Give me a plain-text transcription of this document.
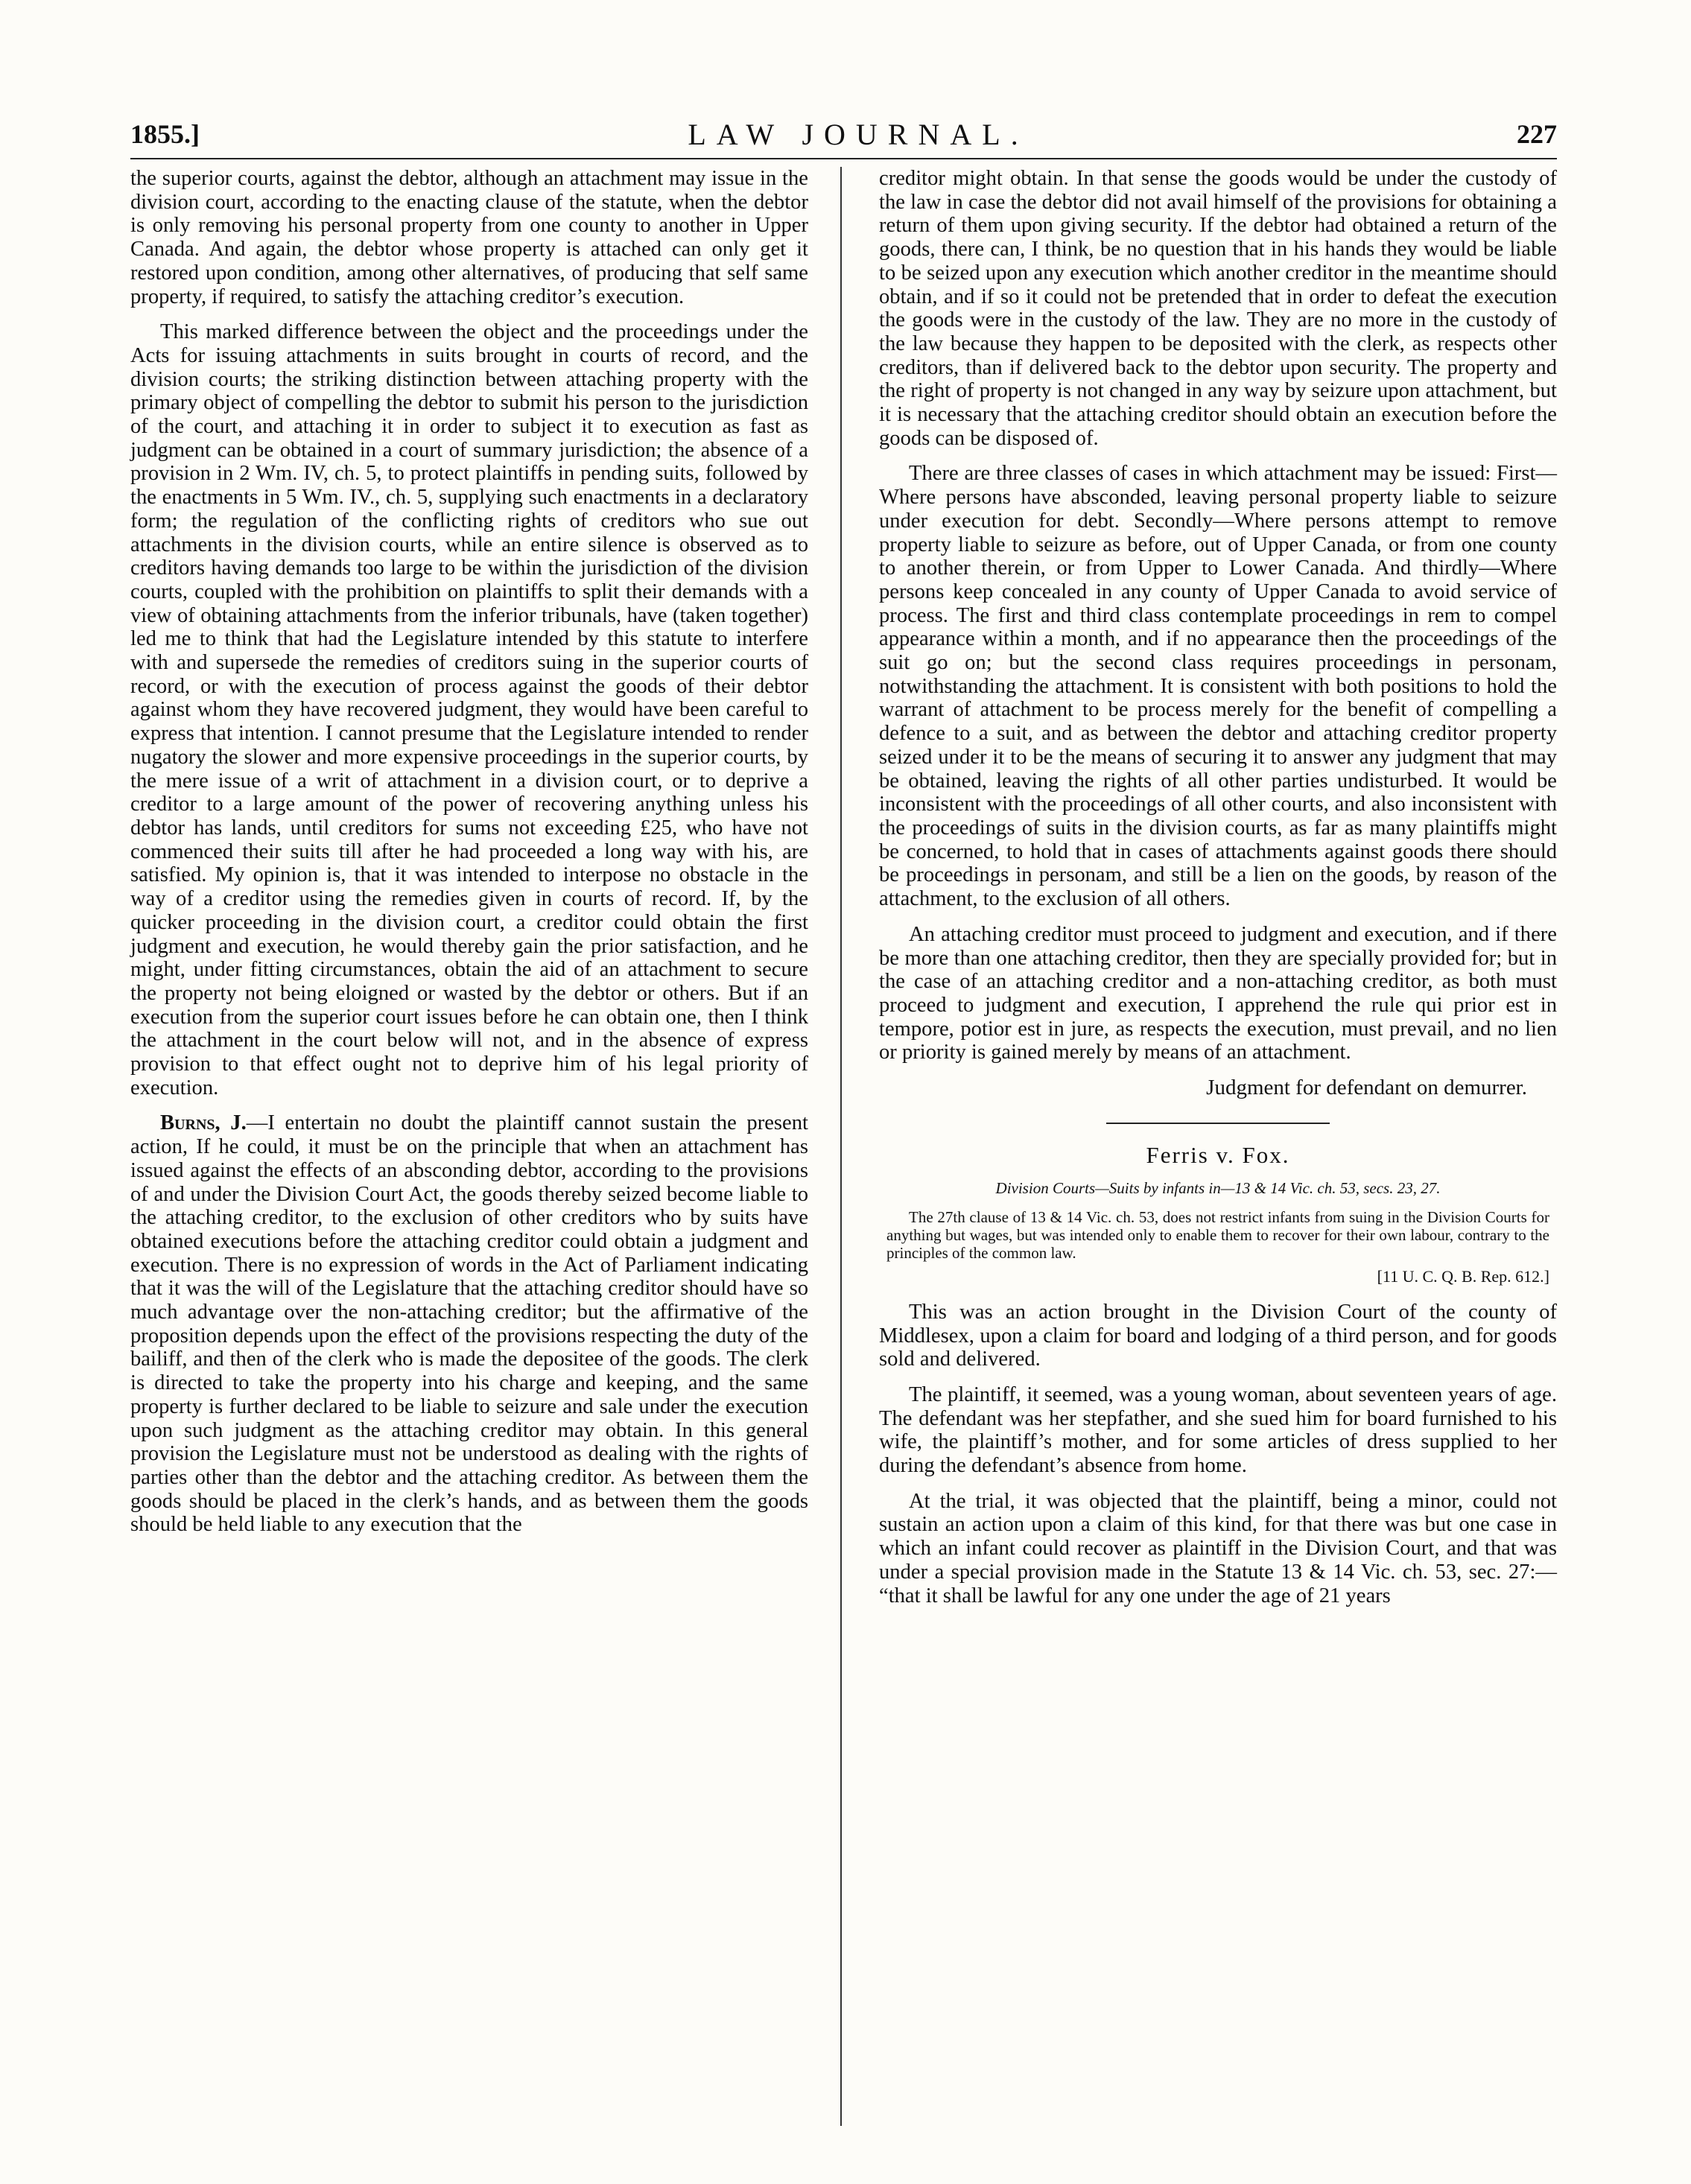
1855.]	LAW JOURNAL.	227

the superior courts, against the debtor, although an attachment may issue in the division court, according to the enacting clause of the statute, when the debtor is only removing his personal property from one county to another in Upper Canada. And again, the debtor whose property is attached can only get it restored upon condition, among other alternatives, of producing that self same property, if required, to satisfy the attaching creditor’s execution.

This marked difference between the object and the proceedings under the Acts for issuing attachments in suits brought in courts of record, and the division courts; the striking distinction between attaching property with the primary object of compelling the debtor to submit his person to the jurisdiction of the court, and attaching it in order to subject it to execution as fast as judgment can be obtained in a court of summary jurisdiction; the absence of a provision in 2 Wm. IV, ch. 5, to protect plaintiffs in pending suits, followed by the enactments in 5 Wm. IV., ch. 5, supplying such enactments in a declaratory form; the regulation of the conflicting rights of creditors who sue out attachments in the division courts, while an entire silence is observed as to creditors having demands too large to be within the jurisdiction of the division courts, coupled with the prohibition on plaintiffs to split their demands with a view of obtaining attachments from the inferior tribunals, have (taken together) led me to think that had the Legislature intended by this statute to interfere with and supersede the remedies of creditors suing in the superior courts of record, or with the execution of process against the goods of their debtor against whom they have recovered judgment, they would have been careful to express that intention. I cannot presume that the Legislature intended to render nugatory the slower and more expensive proceedings in the superior courts, by the mere issue of a writ of attachment in a division court, or to deprive a creditor to a large amount of the power of recovering anything unless his debtor has lands, until creditors for sums not exceeding £25, who have not commenced their suits till after he had proceeded a long way with his, are satisfied. My opinion is, that it was intended to interpose no obstacle in the way of a creditor using the remedies given in courts of record. If, by the quicker proceeding in the division court, a creditor could obtain the first judgment and execution, he would thereby gain the prior satisfaction, and he might, under fitting circumstances, obtain the aid of an attachment to secure the property not being eloigned or wasted by the debtor or others. But if an execution from the superior court issues before he can obtain one, then I think the attachment in the court below will not, and in the absence of express provision to that effect ought not to deprive him of his legal priority of execution.

Burns, J.—I entertain no doubt the plaintiff cannot sustain the present action, If he could, it must be on the principle that when an attachment has issued against the effects of an absconding debtor, according to the provisions of and under the Division Court Act, the goods thereby seized become liable to the attaching creditor, to the exclusion of other creditors who by suits have obtained executions before the attaching creditor could obtain a judgment and execution. There is no expression of words in the Act of Parliament indicating that it was the will of the Legislature that the attaching creditor should have so much advantage over the non-attaching creditor; but the affirmative of the proposition depends upon the effect of the provisions respecting the duty of the bailiff, and then of the clerk who is made the depositee of the goods. The clerk is directed to take the property into his charge and keeping, and the same property is further declared to be liable to seizure and sale under the execution upon such judgment as the attaching creditor may obtain. In this general provision the Legislature must not be understood as dealing with the rights of parties other than the debtor and the attaching creditor. As between them the goods should be placed in the clerk’s hands, and as between them the goods should be held liable to any execution that the

creditor might obtain. In that sense the goods would be under the custody of the law in case the debtor did not avail himself of the provisions for obtaining a return of them upon giving security. If the debtor had obtained a return of the goods, there can, I think, be no question that in his hands they would be liable to be seized upon any execution which another creditor in the meantime should obtain, and if so it could not be pretended that in order to defeat the execution the goods were in the custody of the law. They are no more in the custody of the law because they happen to be deposited with the clerk, as respects other creditors, than if delivered back to the debtor upon security. The property and the right of property is not changed in any way by seizure upon attachment, but it is necessary that the attaching creditor should obtain an execution before the goods can be disposed of.

There are three classes of cases in which attachment may be issued: First—Where persons have absconded, leaving personal property liable to seizure under execution for debt. Secondly—Where persons attempt to remove property liable to seizure as before, out of Upper Canada, or from one county to another therein, or from Upper to Lower Canada. And thirdly—Where persons keep concealed in any county of Upper Canada to avoid service of process. The first and third class contemplate proceedings in rem to compel appearance within a month, and if no appearance then the proceedings of the suit go on; but the second class requires proceedings in personam, notwithstanding the attachment. It is consistent with both positions to hold the warrant of attachment to be process merely for the benefit of compelling a defence to a suit, and as between the debtor and attaching creditor property seized under it to be the means of securing it to answer any judgment that may be obtained, leaving the rights of all other parties undisturbed. It would be inconsistent with the proceedings of all other courts, and also inconsistent with the proceedings of suits in the division courts, as far as many plaintiffs might be concerned, to hold that in cases of attachments against goods there should be proceedings in personam, and still be a lien on the goods, by reason of the attachment, to the exclusion of all others.

An attaching creditor must proceed to judgment and execution, and if there be more than one attaching creditor, then they are specially provided for; but in the case of an attaching creditor and a non-attaching creditor, as both must proceed to judgment and execution, I apprehend the rule qui prior est in tempore, potior est in jure, as respects the execution, must prevail, and no lien or priority is gained merely by means of an attachment.

Judgment for defendant on demurrer.
Ferris v. Fox.
Division Courts—Suits by infants in—13 & 14 Vic. ch. 53, secs. 23, 27.
The 27th clause of 13 & 14 Vic. ch. 53, does not restrict infants from suing in the Division Courts for anything but wages, but was intended only to enable them to recover for their own labour, contrary to the principles of the common law.
[11 U. C. Q. B. Rep. 612.]

This was an action brought in the Division Court of the county of Middlesex, upon a claim for board and lodging of a third person, and for goods sold and delivered.

The plaintiff, it seemed, was a young woman, about seventeen years of age. The defendant was her stepfather, and she sued him for board furnished to his wife, the plaintiff’s mother, and for some articles of dress supplied to her during the defendant’s absence from home.

At the trial, it was objected that the plaintiff, being a minor, could not sustain an action upon a claim of this kind, for that there was but one case in which an infant could recover as plaintiff in the Division Court, and that was under a special provision made in the Statute 13 & 14 Vic. ch. 53, sec. 27:— “that it shall be lawful for any one under the age of 21 years
